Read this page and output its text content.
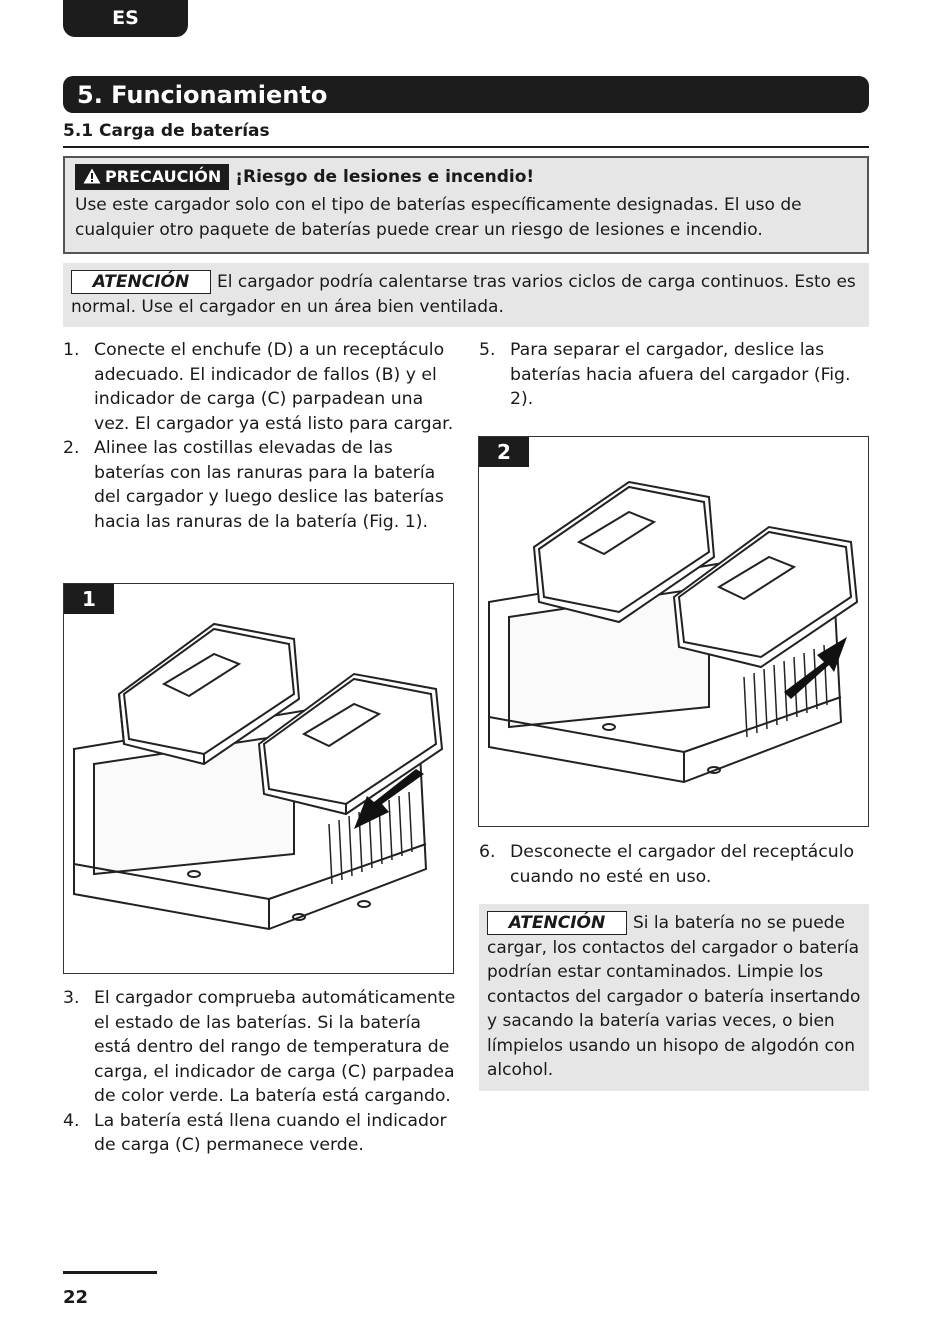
ES
5. Funcionamiento
5.1 Carga de baterías
PRECAUCIÓN ¡Riesgo de lesiones e incendio!
Use este cargador solo con el tipo de baterías específicamente designadas. El uso de cualquier otro paquete de baterías puede crear un riesgo de lesiones e incendio.
ATENCIÓN El cargador podría calentarse tras varios ciclos de carga continuos. Esto es normal. Use el cargador en un área bien ventilada.
1. Conecte el enchufe (D) a un receptáculo adecuado. El indicador de fallos (B) y el indicador de carga (C) parpadean una vez. El cargador ya está listo para cargar.
2. Alinee las costillas elevadas de las baterías con las ranuras para la batería del cargador y luego deslice las baterías hacia las ranuras de la batería (Fig. 1).
1
3. El cargador comprueba automáticamente el estado de las baterías. Si la batería está dentro del rango de temperatura de carga, el indicador de carga (C) parpadea de color verde. La batería está cargando.
4. La batería está llena cuando el indicador de carga (C) permanece verde.
5. Para separar el cargador, deslice las baterías hacia afuera del cargador (Fig. 2).
2
6. Desconecte el cargador del receptáculo cuando no esté en uso.
ATENCIÓN Si la batería no se puede cargar, los contactos del cargador o batería podrían estar contaminados. Limpie los contactos del cargador o batería insertando y sacando la batería varias veces, o bien límpielos usando un hisopo de algodón con alcohol.
22
